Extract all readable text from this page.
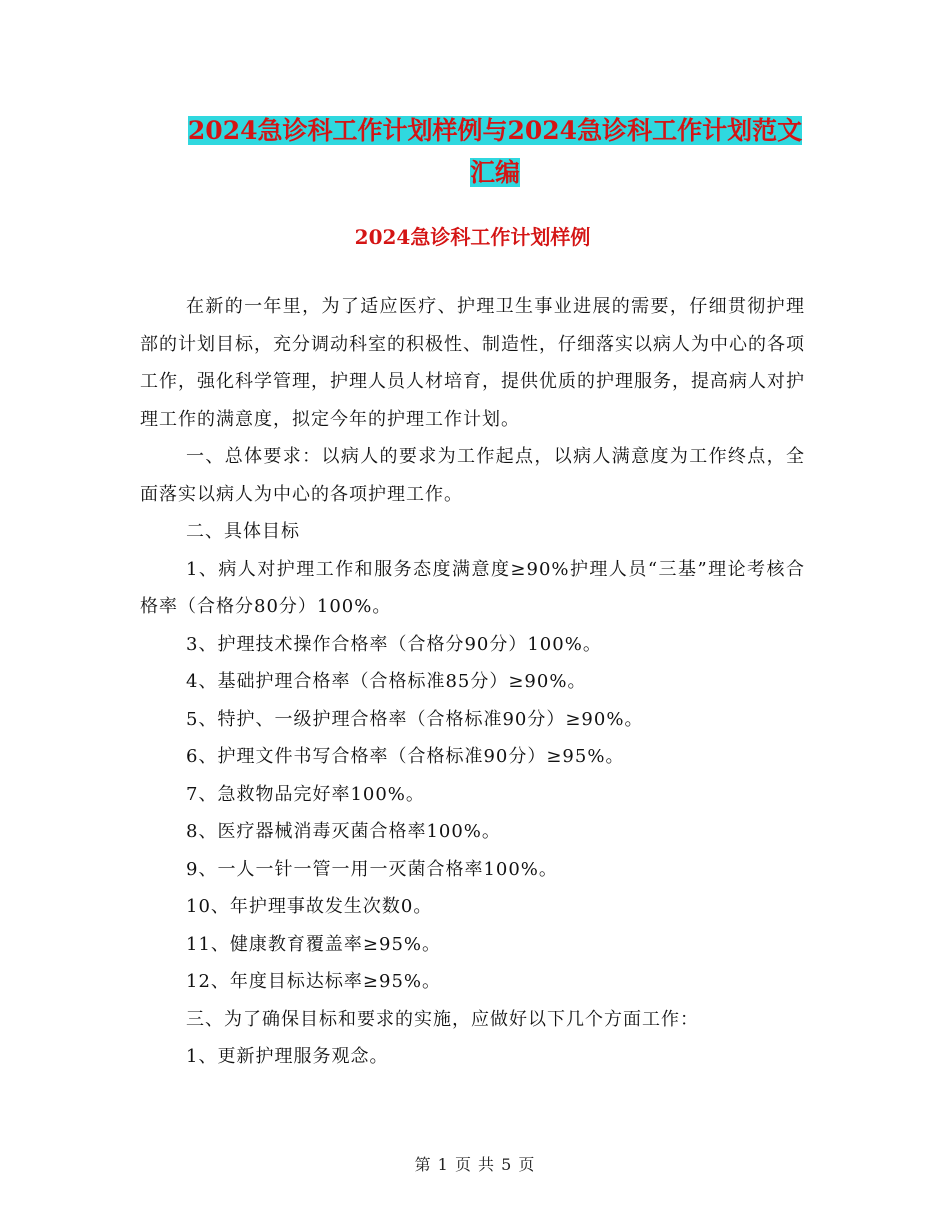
2024急诊科工作计划样例与2024急诊科工作计划范文
汇编
2024急诊科工作计划样例

在新的一年里，为了适应医疗、护理卫生事业进展的需要，仔细贯彻护理部的计划目标，充分调动科室的积极性、制造性，仔细落实以病人为中心的各项工作，强化科学管理，护理人员人材培育，提供优质的护理服务，提高病人对护理工作的满意度，拟定今年的护理工作计划。

一、总体要求：以病人的要求为工作起点，以病人满意度为工作终点，全面落实以病人为中心的各项护理工作。

二、具体目标

1、病人对护理工作和服务态度满意度≥90%护理人员“三基”理论考核合格率（合格分80分）100%。

3、护理技术操作合格率（合格分90分）100%。

4、基础护理合格率（合格标准85分）≥90%。

5、特护、一级护理合格率（合格标准90分）≥90%。

6、护理文件书写合格率（合格标准90分）≥95%。

7、急救物品完好率100%。

8、医疗器械消毒灭菌合格率100%。

9、一人一针一管一用一灭菌合格率100%。

10、年护理事故发生次数0。

11、健康教育覆盖率≥95%。

12、年度目标达标率≥95%。

三、为了确保目标和要求的实施，应做好以下几个方面工作：

1、更新护理服务观念。

第 1 页 共 5 页
